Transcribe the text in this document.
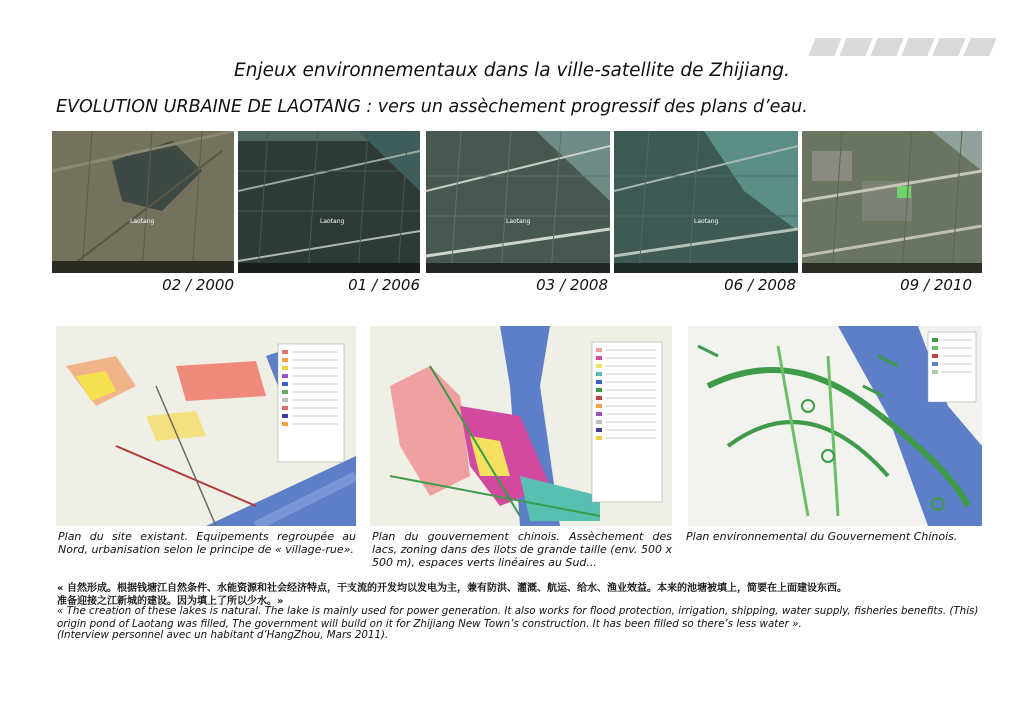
Enjeux environnementaux dans la ville-satellite de Zhijiang.
EVOLUTION URBAINE DE LAOTANG : vers un assèchement progressif des plans d’eau.
Laotang	Laotang	Laotang	Laotang
02 / 2000	01 / 2006	03 / 2008	06 / 2008	09 / 2010
Plan du site existant. Equipements regroupée au Nord, urbanisation selon le principe de « village-rue».
Plan du gouvernement chinois. Assèchement des lacs, zoning dans des ilots de grande taille (env. 500 x 500 m), espaces verts linéaires au Sud...
Plan environnemental du Gouvernement Chinois.
« 自然形成。根据钱塘江自然条件、水能资源和社会经济特点，干支流的开发均以发电为主，兼有防洪、灌溉、航运、给水、渔业效益。本来的池塘被填上，简要在上面建设东西。
准备迎接之江新城的建设。因为填上了所以少水。»
« The creation of these lakes is natural. The lake is mainly used for power generation. It also works for flood protection, irrigation, shipping, water supply, fisheries benefits. (This) origin pond of Laotang was filled, The government will build on it for Zhijiang New Town’s construction. It has been filled so there’s less water ».
(Interview personnel avec un habitant d’HangZhou, Mars 2011).
